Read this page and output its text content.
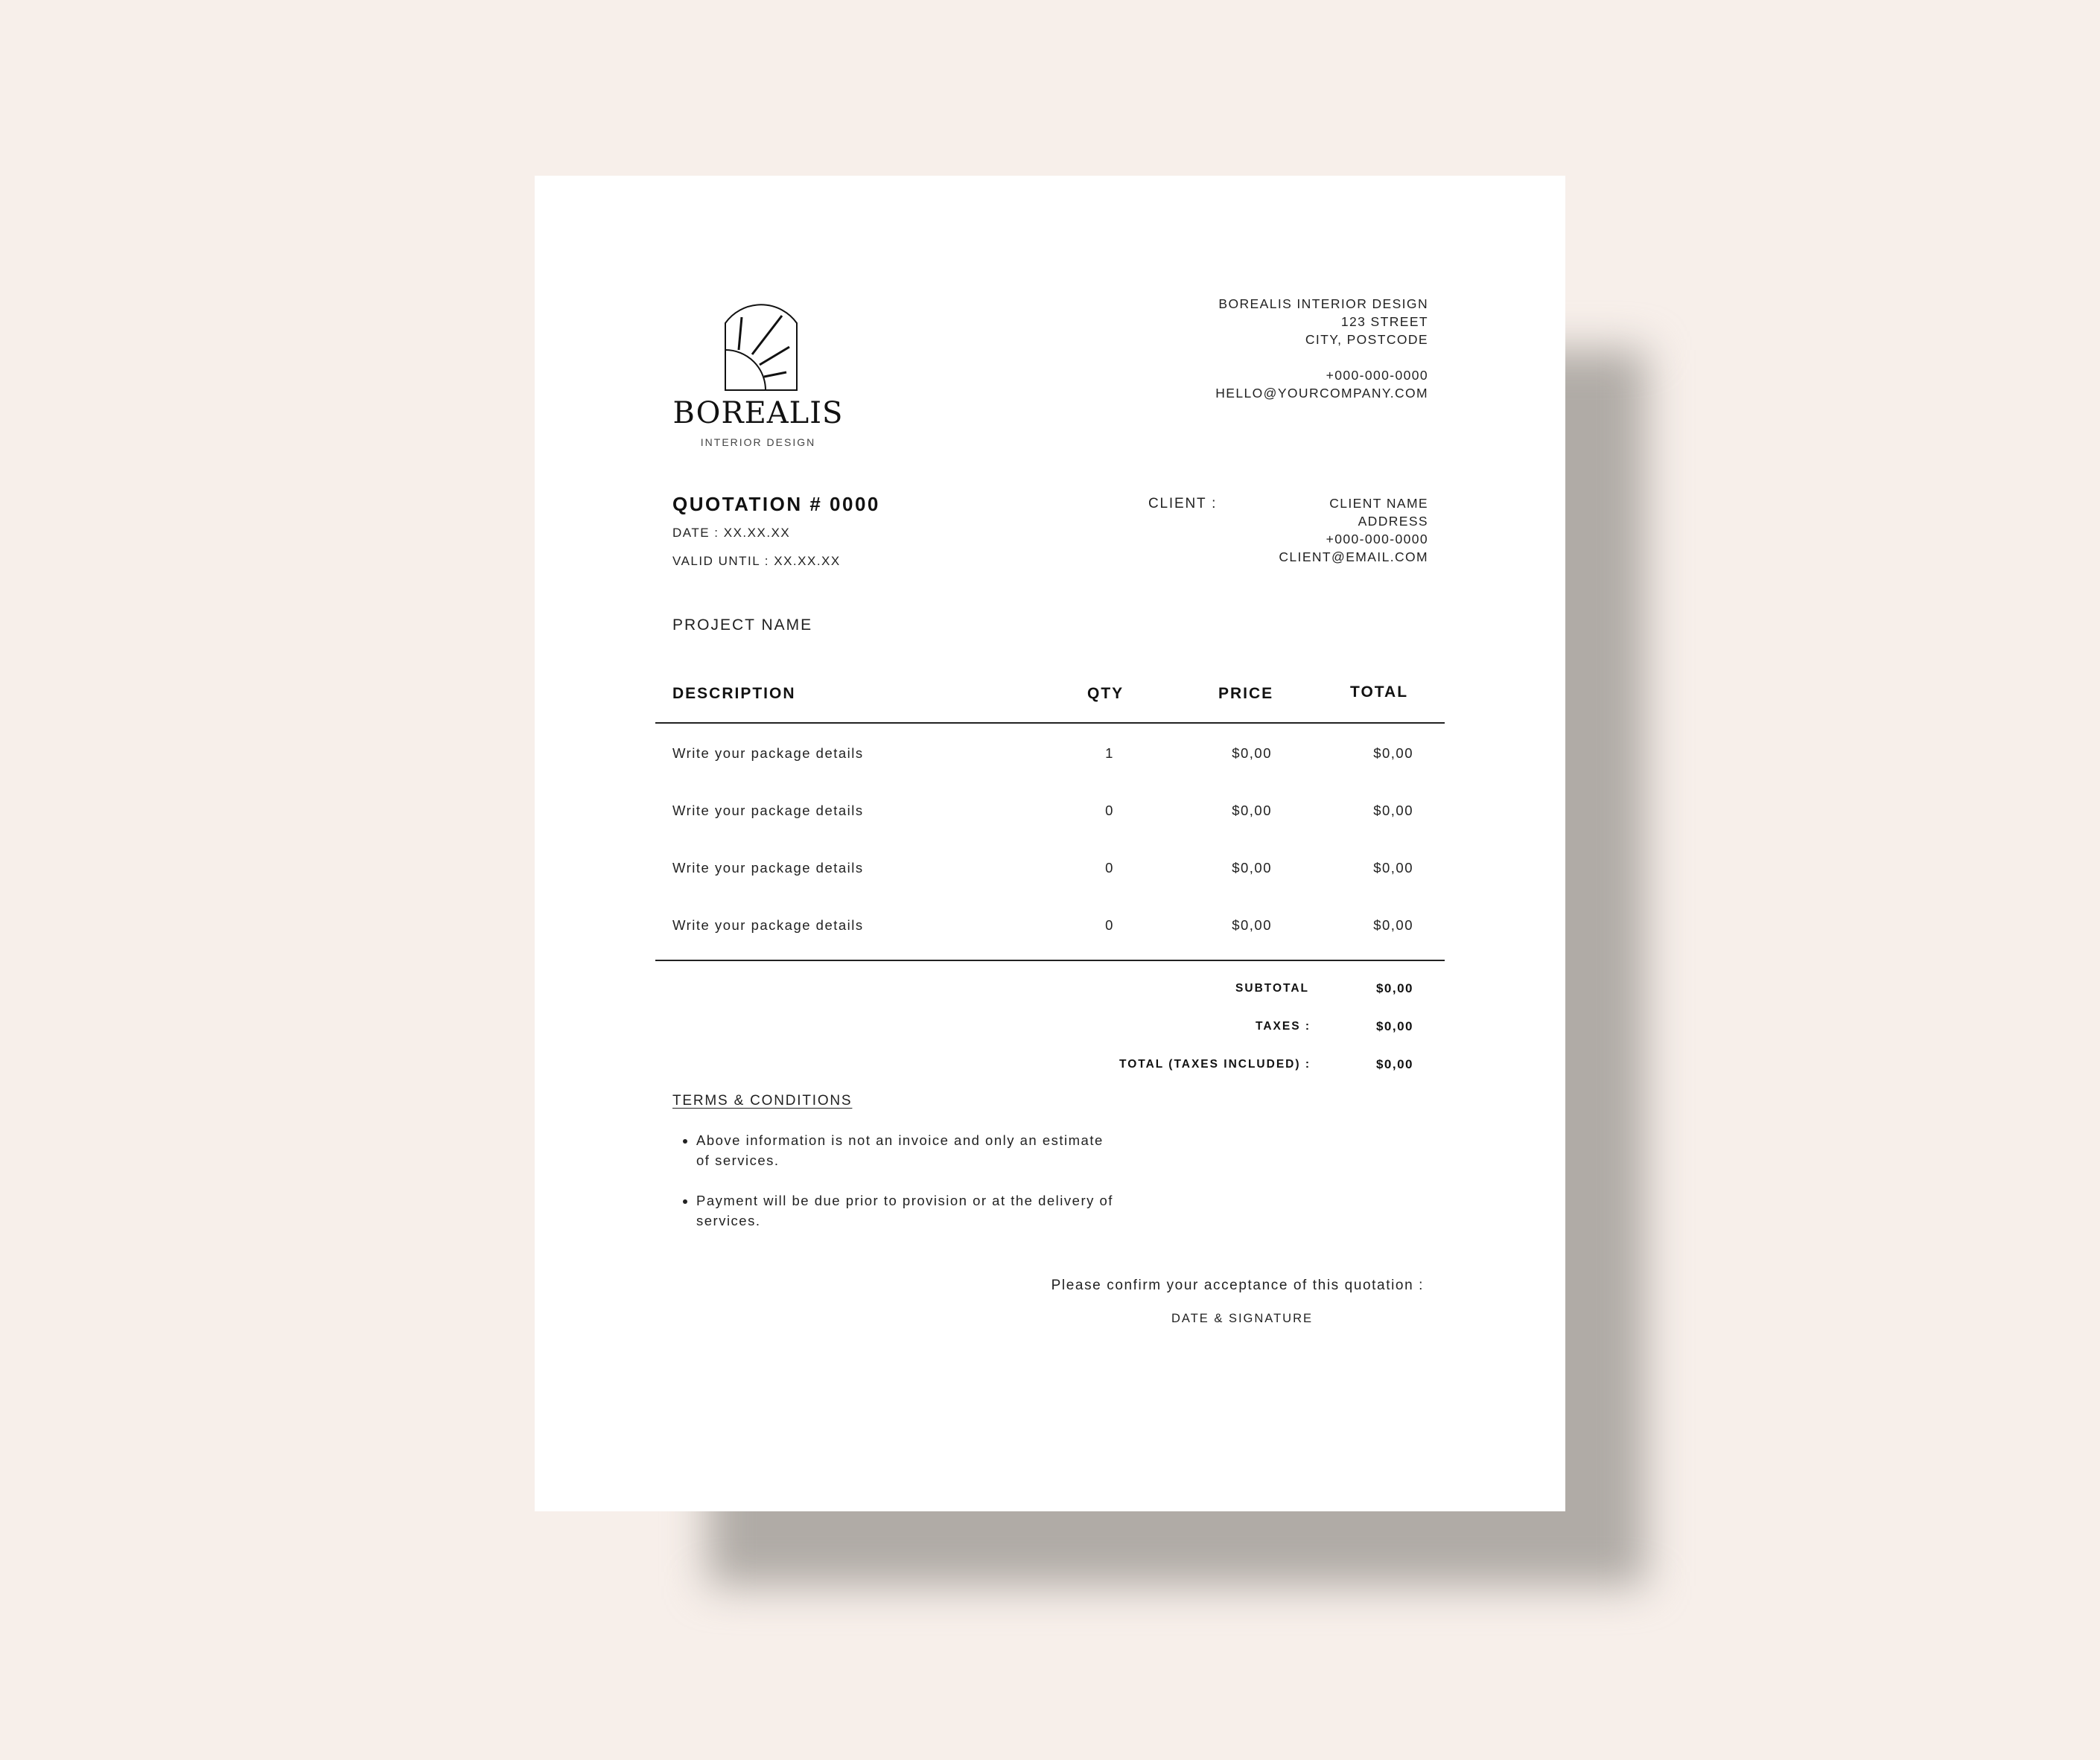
BOREALIS
INTERIOR DESIGN
BOREALIS INTERIOR DESIGN
123 STREET
CITY, POSTCODE
+000-000-0000
HELLO@YOURCOMPANY.COM
QUOTATION # 0000
DATE : XX.XX.XX
VALID UNTIL : XX.XX.XX
CLIENT :	CLIENT NAME
ADDRESS
+000-000-0000
CLIENT@EMAIL.COM
PROJECT NAME
DESCRIPTION	QTY	PRICE	TOTAL
Write your package details	1	$0,00	$0,00
Write your package details	0	$0,00	$0,00
Write your package details	0	$0,00	$0,00
Write your package details	0	$0,00	$0,00
SUBTOTAL	$0,00
TAXES :	$0,00
TOTAL (TAXES INCLUDED) :	$0,00
TERMS & CONDITIONS
• Above information is not an invoice and only an estimate of services.
• Payment will be due prior to provision or at the delivery of services.
Please confirm your acceptance of this quotation :
DATE & SIGNATURE
